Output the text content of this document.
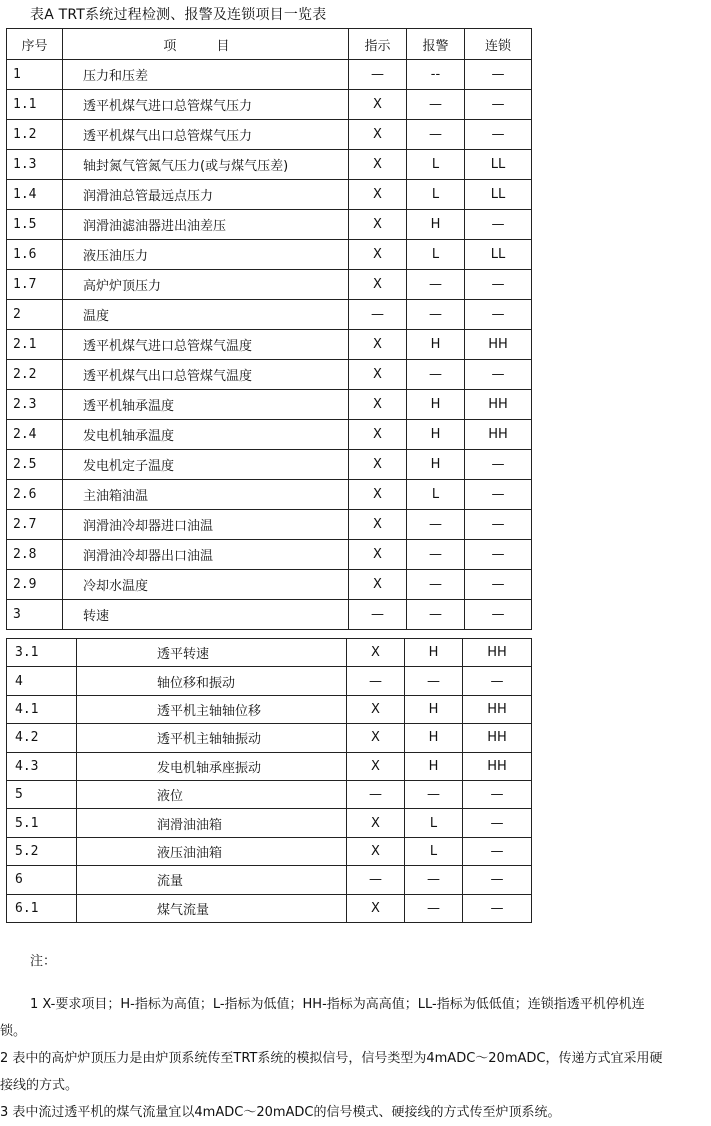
表A TRT系统过程检测、报警及连锁项目一览表
序号	项 目	指示	报警	连锁
1	压力和压差	—	--	—
1.1	透平机煤气进口总管煤气压力	X	—	—
1.2	透平机煤气出口总管煤气压力	X	—	—
1.3	轴封氮气管氮气压力(或与煤气压差)	X	L	LL
1.4	润滑油总管最远点压力	X	L	LL
1.5	润滑油滤油器进出油差压	X	H	—
1.6	液压油压力	X	L	LL
1.7	高炉炉顶压力	X	—	—
2	温度	—	—	—
2.1	透平机煤气进口总管煤气温度	X	H	HH
2.2	透平机煤气出口总管煤气温度	X	—	—
2.3	透平机轴承温度	X	H	HH
2.4	发电机轴承温度	X	H	HH
2.5	发电机定子温度	X	H	—
2.6	主油箱油温	X	L	—
2.7	润滑油冷却器进口油温	X	—	—
2.8	润滑油冷却器出口油温	X	—	—
2.9	冷却水温度	X	—	—
3	转速	—	—	—
3.1	透平转速	X	H	HH
4	轴位移和振动	—	—	—
4.1	透平机主轴轴位移	X	H	HH
4.2	透平机主轴轴振动	X	H	HH
4.3	发电机轴承座振动	X	H	HH
5	液位	—	—	—
5.1	润滑油油箱	X	L	—
5.2	液压油油箱	X	L	—
6	流量	—	—	—
6.1	煤气流量	X	—	—
注：
1 X-要求项目；H-指标为高值；L-指标为低值；HH-指标为高高值；LL-指标为低低值；连锁指透平机停机连
锁。
2 表中的高炉炉顶压力是由炉顶系统传至TRT系统的模拟信号，信号类型为4mADC～20mADC，传递方式宜采用硬
接线的方式。
3 表中流过透平机的煤气流量宜以4mADC～20mADC的信号模式、硬接线的方式传至炉顶系统。
